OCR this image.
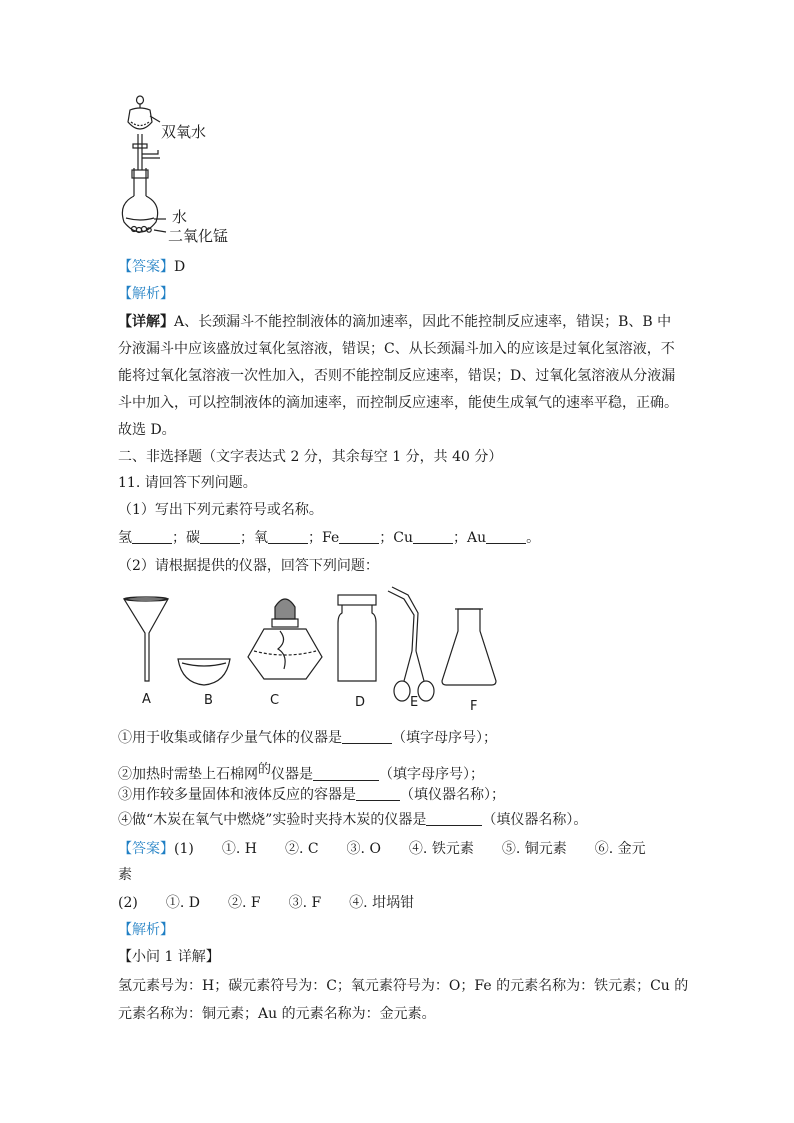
双氧水
水
二氧化锰
【答案】D
【解析】
【详解】A、长颈漏斗不能控制液体的滴加速率，因此不能控制反应速率，错误；B、B 中
分液漏斗中应该盛放过氧化氢溶液，错误；C、从长颈漏斗加入的应该是过氧化氢溶液，不
能将过氧化氢溶液一次性加入，否则不能控制反应速率，错误；D、过氧化氢溶液从分液漏
斗中加入，可以控制液体的滴加速率，而控制反应速率，能使生成氧气的速率平稳，正确。
故选 D。
二、非选择题（文字表达式 2 分，其余每空 1 分，共 40 分）
11. 请回答下列问题。
（1）写出下列元素符号或名称。
氢	；碳	；氧	；Fe	；Cu	；Au	。
（2）请根据提供的仪器，回答下列问题：
A	B	C	D	E	F
①用于收集或储存少量气体的仪器是	（填字母序号）；
②加热时需垫上石棉网$^的$仪器是	（填字母序号）；
③用作较多量固体和液体反应的容器是	（填仪器名称）；
④做“木炭在氧气中燃烧”实验时夹持木炭的仪器是	（填仪器名称）。
【答案】(1)　　①. H　　②. C　　③. O　　④. 铁元素　　⑤. 铜元素　　⑥. 金元
素
(2)　　①. D　　②. F　　③. F　　④. 坩埚钳
【解析】
【小问 1 详解】
氢元素号为：H；碳元素符号为：C；氧元素符号为：O；Fe 的元素名称为：铁元素；Cu 的
元素名称为：铜元素；Au 的元素名称为：金元素。
